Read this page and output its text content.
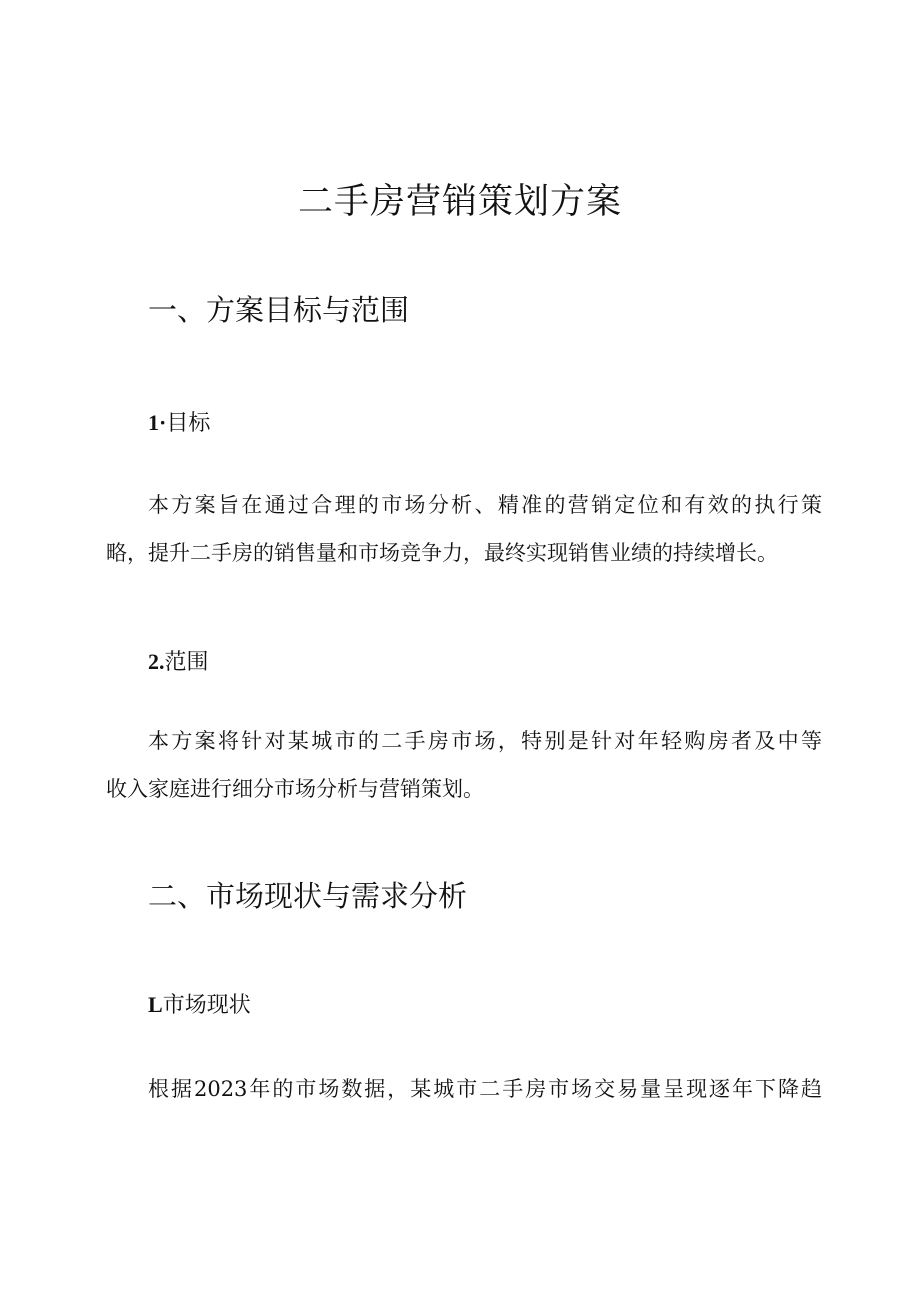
二手房营销策划方案
一、方案目标与范围
1·目标
本方案旨在通过合理的市场分析、精准的营销定位和有效的执行策
略，提升二手房的销售量和市场竞争力，最终实现销售业绩的持续增长。
2.范围
本方案将针对某城市的二手房市场，特别是针对年轻购房者及中等
收入家庭进行细分市场分析与营销策划。
二、市场现状与需求分析
L市场现状
根据2023年的市场数据，某城市二手房市场交易量呈现逐年下降趋
